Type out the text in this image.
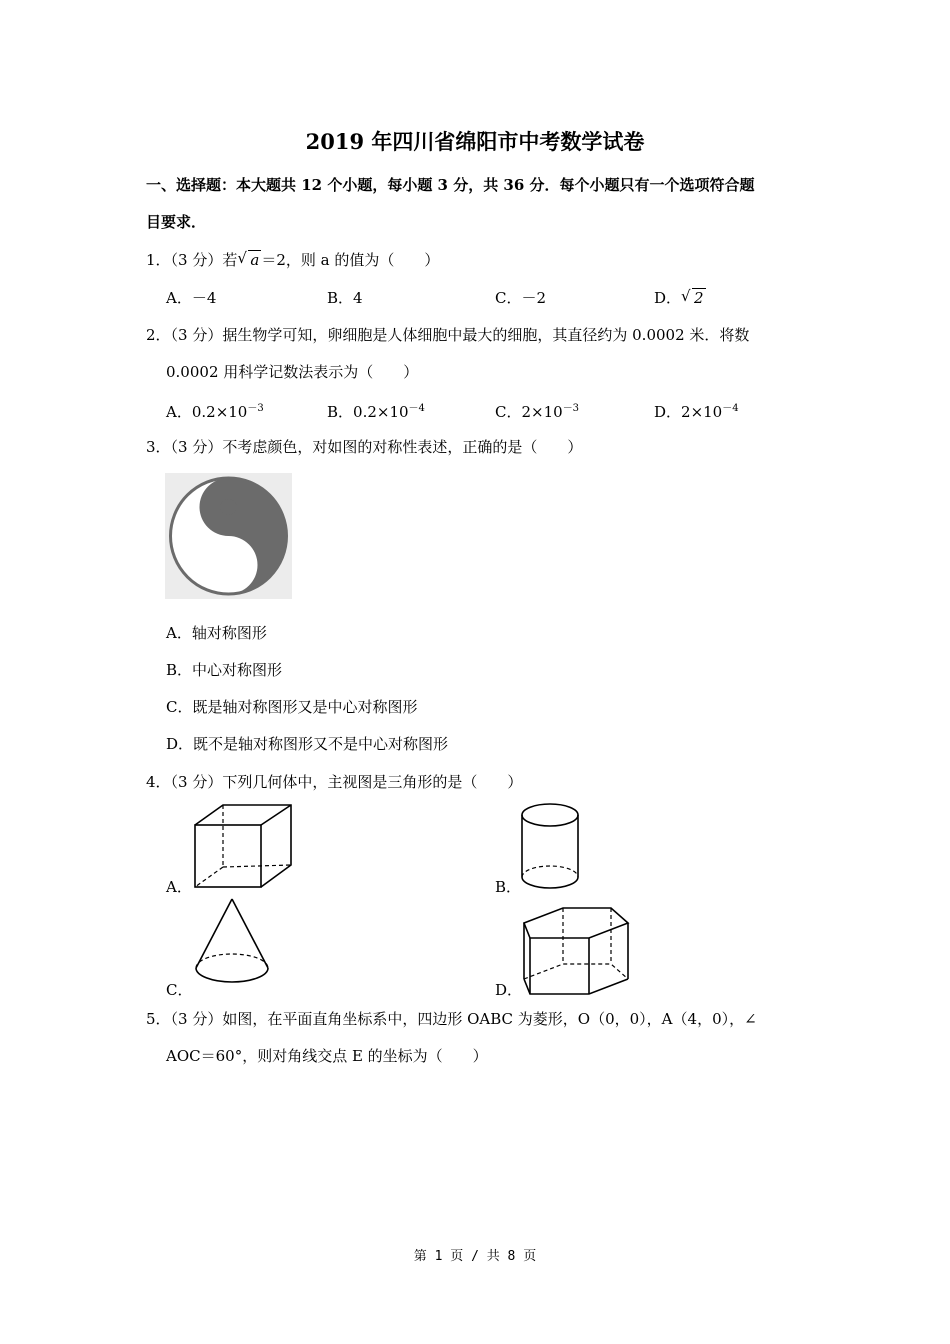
2019 年四川省绵阳市中考数学试卷
一、选择题：本大题共 12 个小题，每小题 3 分，共 36 分．每个小题只有一个选项符合题
目要求．
1．（3 分）若 √ a ＝2，则 a 的值为（　　）
A．－4	B．4	C．－2	D． √ 2
2．（3 分）据生物学可知，卵细胞是人体细胞中最大的细胞，其直径约为 0.0002 米．将数
0.0002 用科学记数法表示为（　　）
A．$0.2\times 10^{-3}$	B．$0.2\times 10^{-4}$	C．$2\times 10^{-3}$	D．$2\times 10^{-4}$
3．（3 分）不考虑颜色，对如图的对称性表述，正确的是（　　）
A．轴对称图形
B．中心对称图形
C．既是轴对称图形又是中心对称图形
D．既不是轴对称图形又不是中心对称图形
4．（3 分）下列几何体中，主视图是三角形的是（　　）
A．	B．
C．	D．
5．（3 分）如图，在平面直角坐标系中，四边形 OABC 为菱形，O（0，0），A（4，0），∠
AOC＝60°，则对角线交点 E 的坐标为（　　）
第 1 页 / 共 8 页
